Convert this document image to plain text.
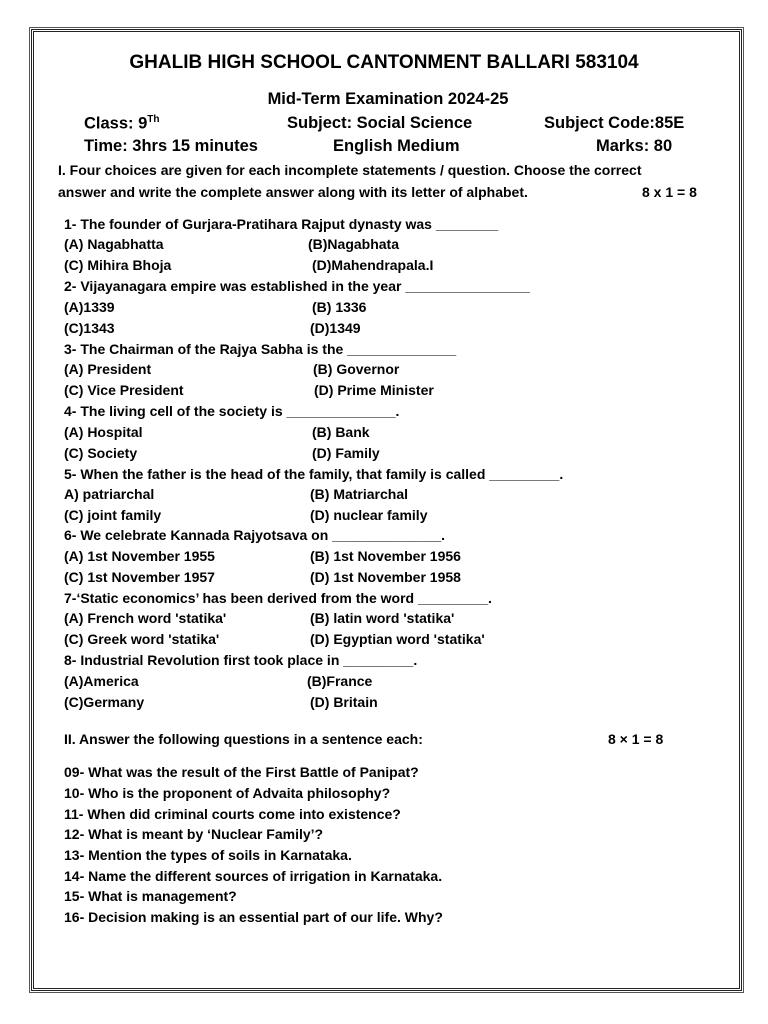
GHALIB HIGH SCHOOL CANTONMENT BALLARI 583104
Mid-Term Examination 2024-25
Class: 9Th	Subject: Social Science	Subject Code:85E
Time: 3hrs 15 minutes	English Medium	Marks: 80
I. Four choices are given for each incomplete statements / question. Choose the correct
answer and write the complete answer along with its letter of alphabet.	8 x 1 = 8
1- The founder of Gurjara-Pratihara Rajput dynasty was ________
(A) Nagabhatta	(B)Nagabhata
(C) Mihira Bhoja	(D)Mahendrapala.I
2- Vijayanagara empire was established in the year ________________
(A)1339	(B) 1336
(C)1343	(D)1349
3- The Chairman of the Rajya Sabha is the ______________
(A) President	(B) Governor
(C) Vice President	(D) Prime Minister
4- The living cell of the society is ______________.
(A) Hospital	(B) Bank
(C) Society	(D) Family
5- When the father is the head of the family, that family is called _________.
A) patriarchal	(B) Matriarchal
(C) joint family	(D) nuclear family
6- We celebrate Kannada Rajyotsava on ______________.
(A) 1st November 1955	(B) 1st November 1956
(C) 1st November 1957	(D) 1st November 1958
7-‘Static economics’ has been derived from the word _________.
(A) French word 'statika'	(B) latin word 'statika'
(C) Greek word 'statika'	(D) Egyptian word 'statika'
8- Industrial Revolution first took place in _________.
(A)America	(B)France
(C)Germany	(D) Britain
II. Answer the following questions in a sentence each:	8 × 1 = 8
09- What was the result of the First Battle of Panipat?
10- Who is the proponent of Advaita philosophy?
11- When did criminal courts come into existence?
12- What is meant by ‘Nuclear Family’?
13- Mention the types of soils in Karnataka.
14- Name the different sources of irrigation in Karnataka.
15- What is management?
16- Decision making is an essential part of our life. Why?
